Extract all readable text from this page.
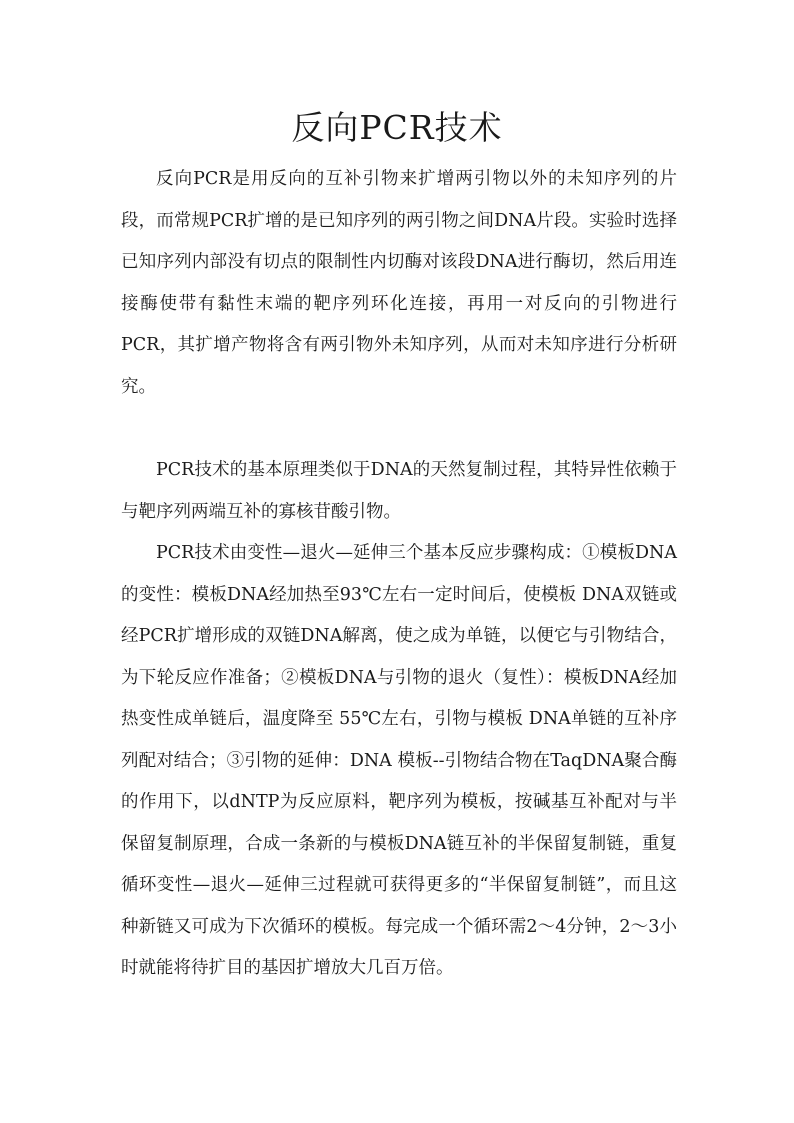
反向PCR技术

反向PCR是用反向的互补引物来扩增两引物以外的未知序列的片段，而常规PCR扩增的是已知序列的两引物之间DNA片段。实验时选择已知序列内部没有切点的限制性内切酶对该段DNA进行酶切，然后用连接酶使带有黏性末端的靶序列环化连接，再用一对反向的引物进行PCR，其扩增产物将含有两引物外未知序列，从而对未知序进行分析研究。

PCR技术的基本原理类似于DNA的天然复制过程，其特异性依赖于与靶序列两端互补的寡核苷酸引物。

PCR技术由变性—退火—延伸三个基本反应步骤构成：①模板DNA 的变性：模板DNA经加热至93℃左右一定时间后，使模板 DNA双链或经PCR扩增形成的双链DNA解离，使之成为单链，以便它与引物结合，为下轮反应作准备；②模板DNA与引物的退火（复性）：模板DNA经加热变性成单链后，温度降至 55℃左右，引物与模板 DNA单链的互补序列配对结合；③引物的延伸：DNA 模板--引物结合物在TaqDNA聚合酶的作用下，以dNTP为反应原料，靶序列为模板，按碱基互补配对与半保留复制原理，合成一条新的与模板DNA链互补的半保留复制链，重复循环变性—退火—延伸三过程就可获得更多的“半保留复制链”，而且这种新链又可成为下次循环的模板。每完成一个循环需2～4分钟，2～3小时就能将待扩目的基因扩增放大几百万倍。
